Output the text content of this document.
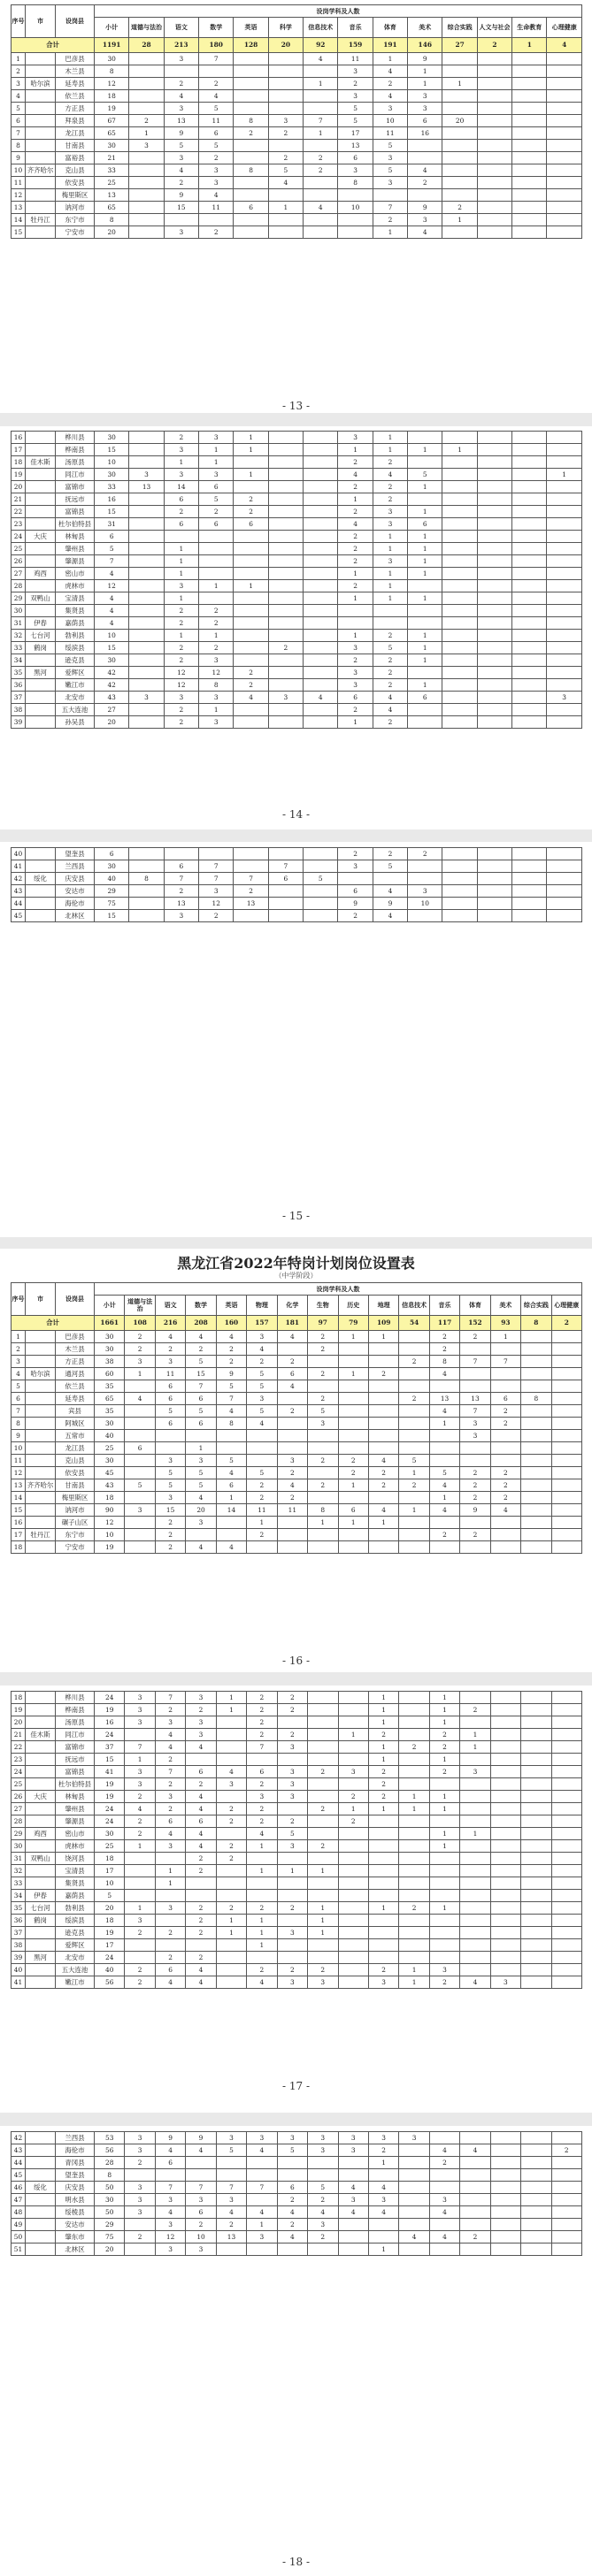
序号	市	设岗县	设岗学科及人数													
			小计	道德与法治	语文	数学	英语	科学	信息技术	音乐	体育	美术	综合实践	人文与社会	生命教育	心理健康
合计			1191	28	213	180	128	20	92	159	191	146	27	2	1	4
1		巴彦县	30		3	7			4	11	1	9				
2		木兰县	8							3	4	1				
3	哈尔滨	延寿县	12		2	2			1	2	2	1	1			
4		依兰县	18		4	4				3	4	3				
5		方正县	19		3	5				5	3	3				
6		拜泉县	67	2	13	11	8	3	7	5	10	6	20			
7		龙江县	65	1	9	6	2	2	1	17	11	16				
8		甘南县	30	3	5	5				13	5					
9		富裕县	21		3	2		2	2	6	3					
10	齐齐哈尔	克山县	33		4	3	8	5	2	3	5	4				
11		依安县	25		2	3		4		8	3	2				
12		梅里斯区	13		9	4										
13		讷河市	65		15	11	6	1	4	10	7	9	2			
14	牡丹江	东宁市	8								2	3	1			
15		宁安市	20		3	2					1	4				
- 13 -
16		桦川县	30		2	3	1			3	1					
17		桦南县	15		3	1	1			1	1	1	1			
18	佳木斯	汤原县	10		1	1				2	2					
19		同江市	30	3	3	3	1			4	4	5				1
20		富锦市	33	13	14	6				2	2	1				
21		抚远市	16		6	5	2			1	2					
22		富锦县	15		2	2	2			2	3	1				
23		杜尔伯特县	31		6	6	6			4	3	6				
24	大庆	林甸县	6							2	1	1				
25		肇州县	5		1					2	1	1				
26		肇源县	7		1					2	3	1				
27	鸡西	密山市	4		1					1	1	1				
28		虎林市	12		3	1	1			2	1					
29	双鸭山	宝清县	4		1					1	1	1				
30		集贤县	4		2	2										
31	伊春	嘉荫县	4		2	2										
32	七台河	勃利县	10		1	1				1	2	1				
33	鹤岗	绥滨县	15		2	2		2		3	5	1				
34		逊克县	30		2	3				2	2	1				
35	黑河	爱辉区	42		12	12	2			3	2					
36		嫩江市	42		12	8	2			3	2	1				
37		北安市	43	3	3	3	4	3	4	6	4	6				3
38		五大连池	27		2	1				2	4					
39		孙吴县	20		2	3				1	2					
- 14 -
40		望奎县	6							2	2	2				
41		兰西县	30		6	7		7		3	5					
42	绥化	庆安县	40	8	7	7	7	6	5							
43		安达市	29		2	3	2			6	4	3				
44		海伦市	75		13	12	13			9	9	10				
45		北林区	15		3	2				2	4					
- 15 -
黑龙江省2022年特岗计划岗位设置表
（中学阶段）
序号	市	设岗县	设岗学科及人数															
			小计	道德与法治	语文	数学	英语	物理	化学	生物	历史	地理	信息技术	音乐	体育	美术	综合实践	心理健康
合计			1661	108	216	208	160	157	181	97	79	109	54	117	152	93	8	2
1		巴彦县	30	2	4	4	4	3	4	2	1	1		2	2	1		
2		木兰县	30	2	2	2	2	4		2				2				
3		方正县	38	3	3	5	2	2	2				2	8	7	7		
4	哈尔滨	通河县	60	1	11	15	9	5	6	2	1	2		4				
5		依兰县	35		6	7	5	5	4									
6		延寿县	65	4	6	6	7	3		2			2	13	13	6	8	
7		宾县	35		5	5	4	5	2	5				4	7	2		
8		阿城区	30		6	6	8	4		3				1	3	2		
9		五常市	40												3			
10		龙江县	25	6		1												
11		克山县	30		3	3	5		3	2	2	4	5					
12		依安县	45		5	5	4	5	2		2	2	1	5	2	2		
13	齐齐哈尔	甘南县	43	5	5	5	6	2	4	2	1	2	2	4	2	2		
14		梅里斯区	18		3	4	1	2	2					1	2	2		
15		讷河市	90	3	15	20	14	11	11	8	6	4	1	4	9	4		
16		碾子山区	12		2	3		1		1	1	1						
17	牡丹江	东宁市	10		2			2						2	2			
18		宁安市	19		2	4	4											
- 16 -
18		桦川县	24	3	7	3	1	2	2			1		1				
19		桦南县	19	3	2	2	1	2	2			1		1	2			
20		汤原县	16	3	3	3		2				1		1				
21	佳木斯	同江市	24		4	3		2	2		1	2		2	1			
22		富锦市	37	7	4	4		7	3			1	2	2	1			
23		抚远市	15	1	2							1		1				
24		富锦县	41	3	7	6	4	6	3	2	3	2		2	3			
25		杜尔伯特县	19	3	2	2	3	2	3			2						
26	大庆	林甸县	19	2	3	4		3	3		2	2	1	1				
27		肇州县	24	4	2	4	2	2		2	1	1	1	1				
28		肇源县	24	2	6	6	2	2	2		2							
29	鸡西	密山市	30	2	4	4		4	5					1	1			
30		虎林市	25	1	3	4	2	1	3	2				1				
31	双鸭山	饶河县	18			2	2											
32		宝清县	17		1	2		1	1	1								
33		集贤县	10		1													
34	伊春	嘉荫县	5															
35	七台河	勃利县	20	1	3	2	2	2	2	1		1	2	1				
36	鹤岗	绥滨县	18	3		2	1	1		1								
37		逊克县	19	2	2	2	1	1	3	1								
38		爱辉区	17					1										
39	黑河	北安市	24		2	2												
40		五大连池	40	2	6	4		2	2	2		2	1	3				
41		嫩江市	56	2	4	4		4	3	3		3	1	2	4	3		
- 17 -
42		兰西县	53	3	9	9	3	3	3	3	3	3	3					
43		海伦市	56	3	4	4	5	4	5	3	3	2		4	4			2
44		青冈县	28	2	6							1		2				
45		望奎县	8															
46	绥化	庆安县	50	3	7	7	7	7	6	5	4	4						
47		明水县	30	3	3	3	3		2	2	3	3		3				
48		绥棱县	50	3	4	6	4	4	4	4	4	4		4				
49		安达市	29		3	2	2	1	2	3								
50		肇东市	75	2	12	10	13	3	4	2			4	4	2			
51		北林区	20		3	3						1						
- 18 -
